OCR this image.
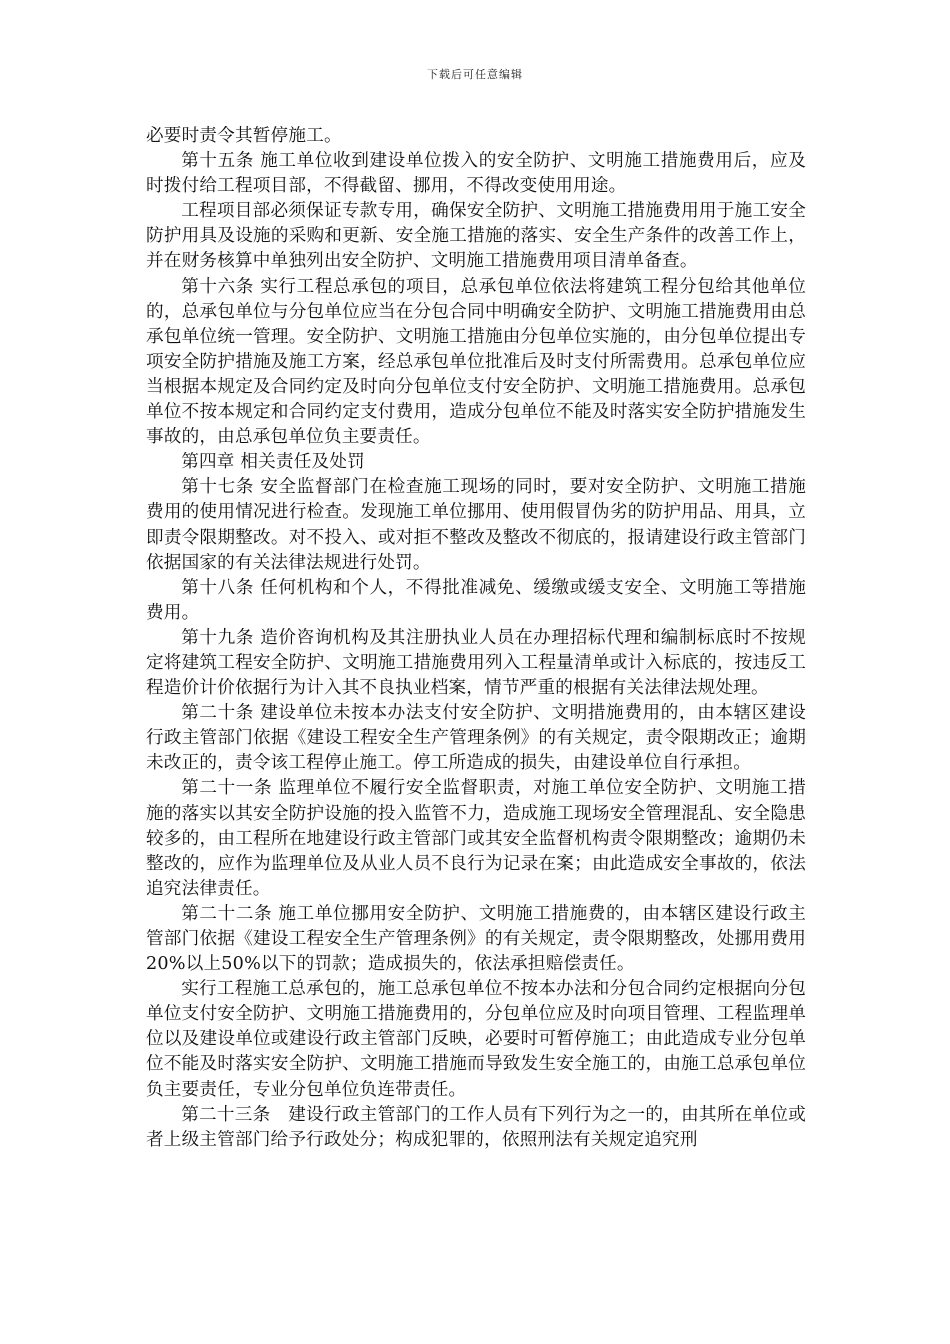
下载后可任意编辑

必要时责令其暂停施工。

第十五条 施工单位收到建设单位拨入的安全防护、文明施工措施费用后，应及时拨付给工程项目部，不得截留、挪用，不得改变使用用途。

工程项目部必须保证专款专用，确保安全防护、文明施工措施费用用于施工安全防护用具及设施的采购和更新、安全施工措施的落实、安全生产条件的改善工作上，并在财务核算中单独列出安全防护、文明施工措施费用项目清单备查。

第十六条 实行工程总承包的项目，总承包单位依法将建筑工程分包给其他单位的，总承包单位与分包单位应当在分包合同中明确安全防护、文明施工措施费用由总承包单位统一管理。安全防护、文明施工措施由分包单位实施的，由分包单位提出专项安全防护措施及施工方案，经总承包单位批准后及时支付所需费用。总承包单位应当根据本规定及合同约定及时向分包单位支付安全防护、文明施工措施费用。总承包单位不按本规定和合同约定支付费用，造成分包单位不能及时落实安全防护措施发生事故的，由总承包单位负主要责任。

第四章 相关责任及处罚

第十七条 安全监督部门在检查施工现场的同时，要对安全防护、文明施工措施费用的使用情况进行检查。发现施工单位挪用、使用假冒伪劣的防护用品、用具，立即责令限期整改。对不投入、或对拒不整改及整改不彻底的，报请建设行政主管部门依据国家的有关法律法规进行处罚。

第十八条 任何机构和个人，不得批准减免、缓缴或缓支安全、文明施工等措施费用。

第十九条 造价咨询机构及其注册执业人员在办理招标代理和编制标底时不按规定将建筑工程安全防护、文明施工措施费用列入工程量清单或计入标底的，按违反工程造价计价依据行为计入其不良执业档案，情节严重的根据有关法律法规处理。

第二十条 建设单位未按本办法支付安全防护、文明措施费用的，由本辖区建设行政主管部门依据《建设工程安全生产管理条例》的有关规定，责令限期改正；逾期未改正的，责令该工程停止施工。停工所造成的损失，由建设单位自行承担。

第二十一条 监理单位不履行安全监督职责，对施工单位安全防护、文明施工措施的落实以其安全防护设施的投入监管不力，造成施工现场安全管理混乱、安全隐患较多的，由工程所在地建设行政主管部门或其安全监督机构责令限期整改；逾期仍未整改的，应作为监理单位及从业人员不良行为记录在案；由此造成安全事故的，依法追究法律责任。

第二十二条 施工单位挪用安全防护、文明施工措施费的，由本辖区建设行政主管部门依据《建设工程安全生产管理条例》的有关规定，责令限期整改，处挪用费用20%以上50%以下的罚款；造成损失的，依法承担赔偿责任。

实行工程施工总承包的，施工总承包单位不按本办法和分包合同约定根据向分包单位支付安全防护、文明施工措施费用的，分包单位应及时向项目管理、工程监理单位以及建设单位或建设行政主管部门反映，必要时可暂停施工；由此造成专业分包单位不能及时落实安全防护、文明施工措施而导致发生安全施工的，由施工总承包单位负主要责任，专业分包单位负连带责任。

第二十三条　建设行政主管部门的工作人员有下列行为之一的，由其所在单位或者上级主管部门给予行政处分；构成犯罪的，依照刑法有关规定追究刑
